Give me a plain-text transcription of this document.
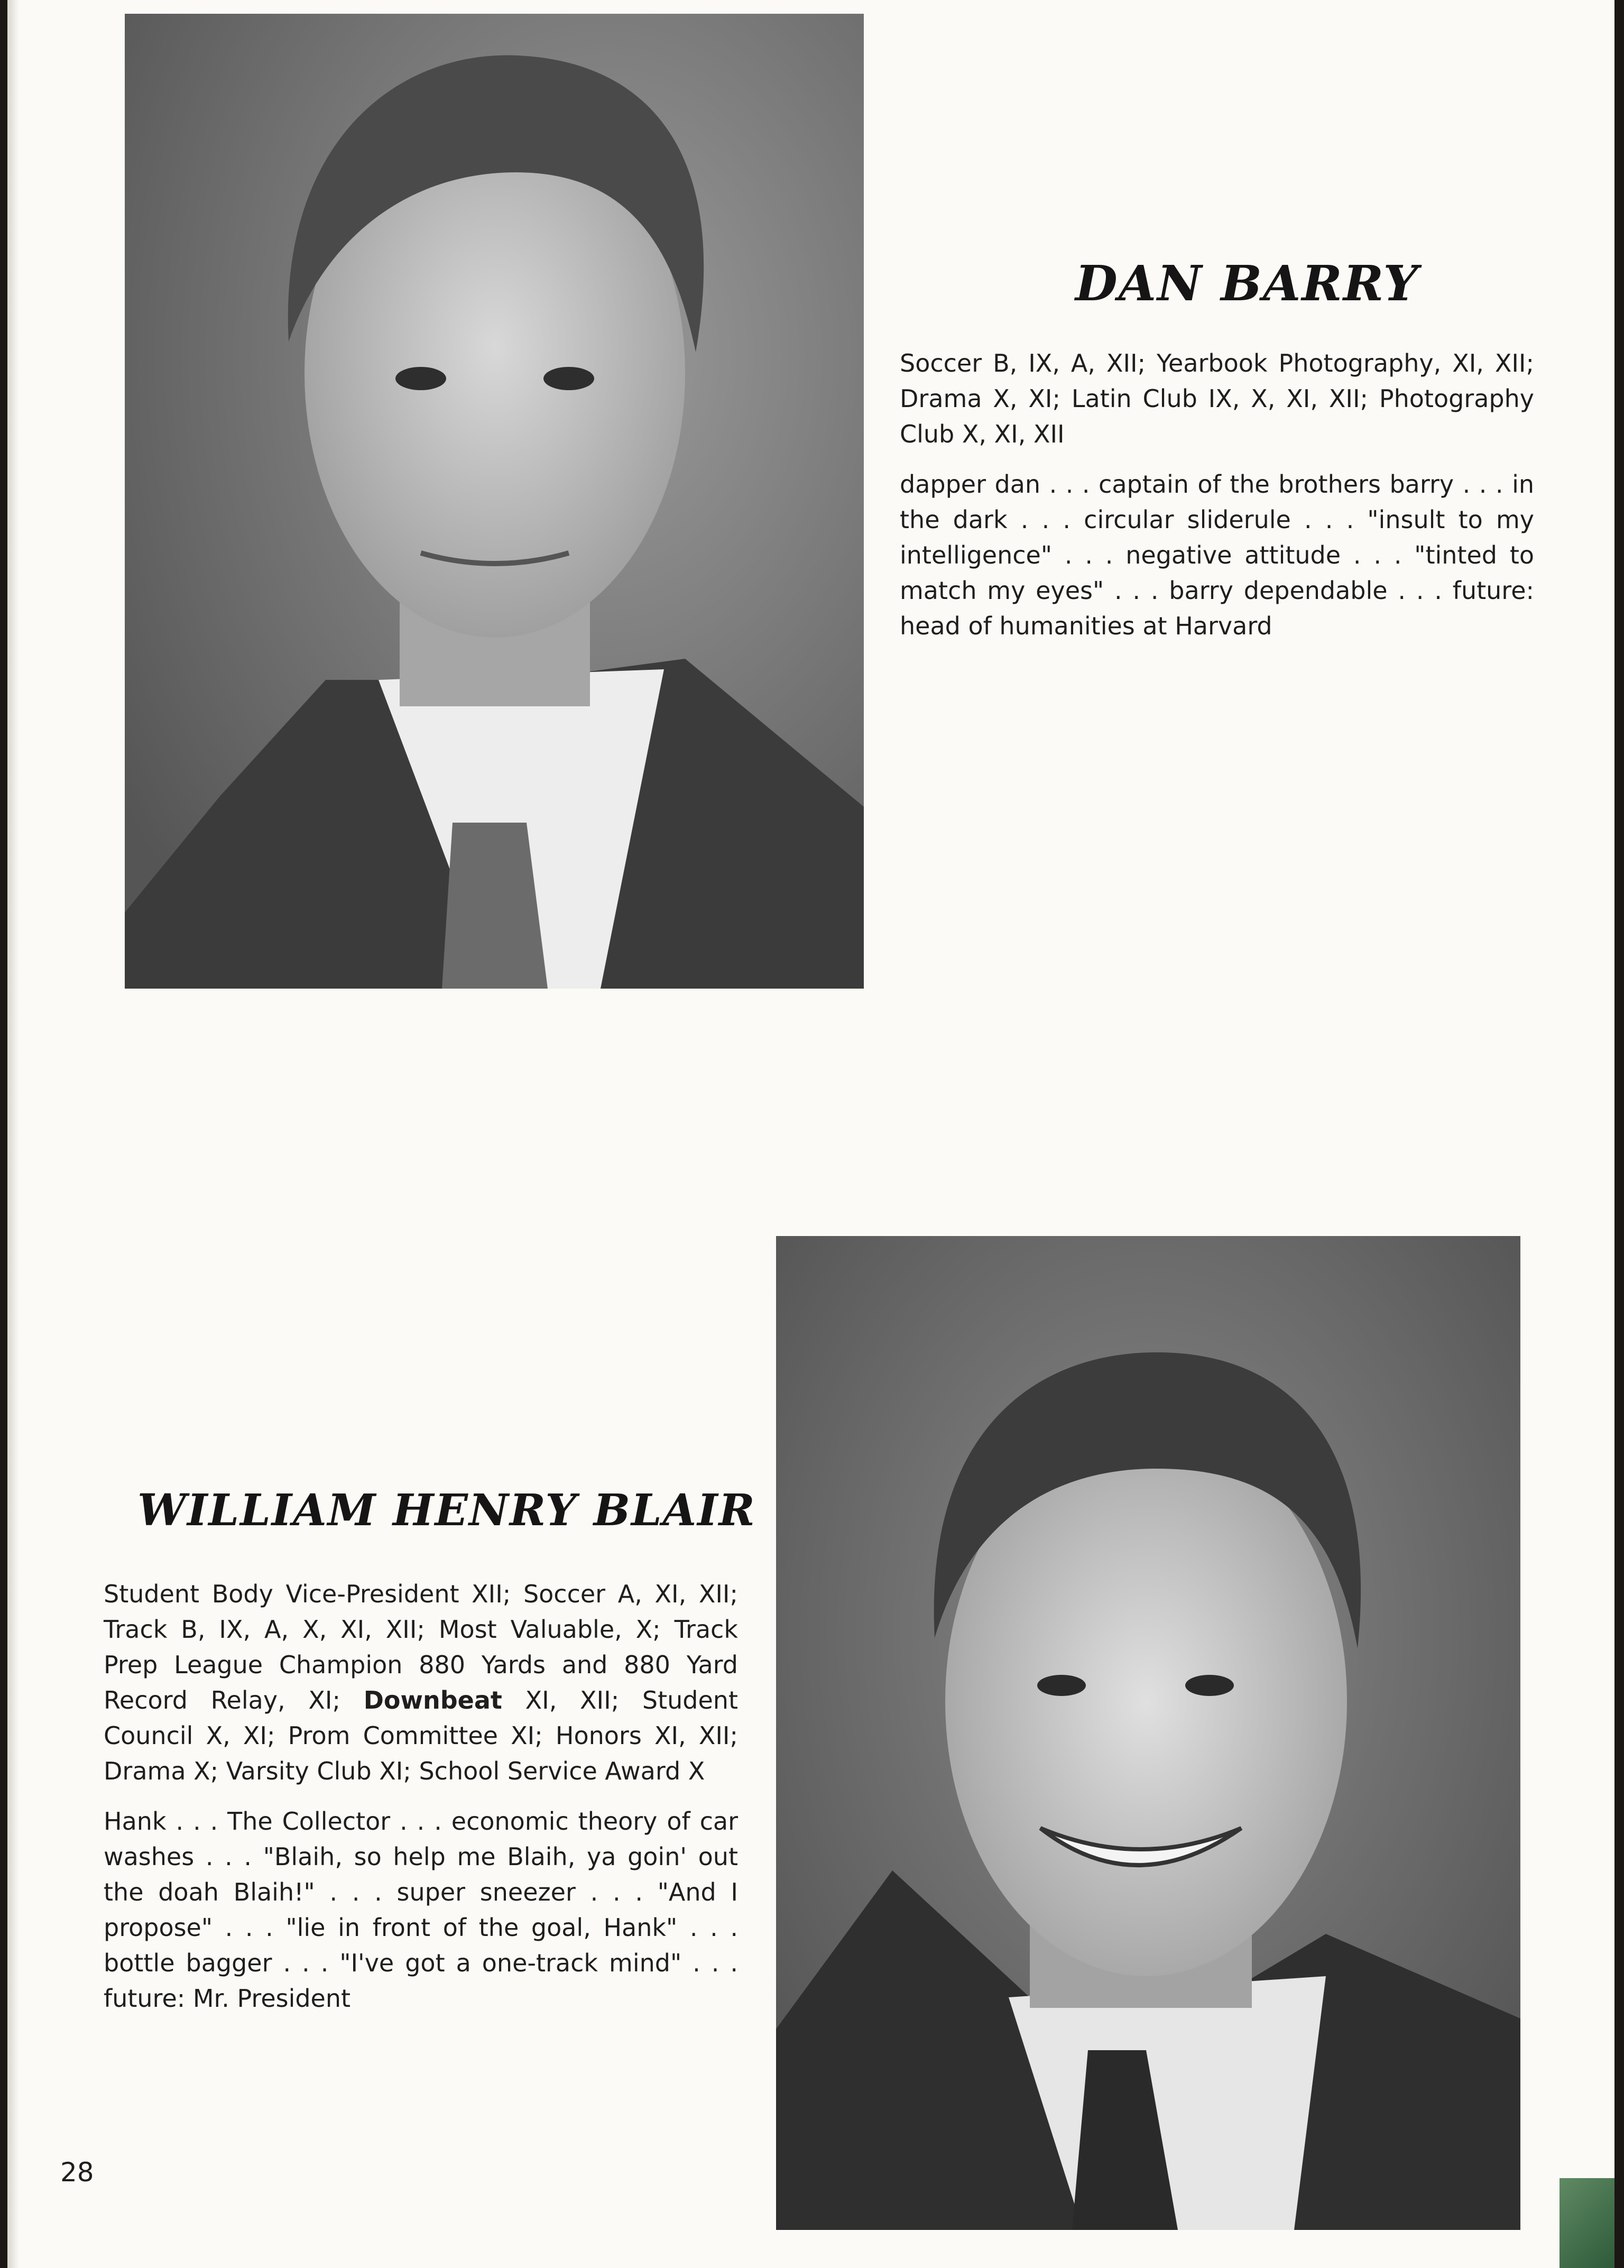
DAN BARRY

Soccer B, IX, A, XII; Yearbook Photography, XI, XII; Drama X, XI; Latin Club IX, X, XI, XII; Photography Club X, XI, XII

dapper dan . . . captain of the brothers barry . . . in the dark . . . circular sliderule . . . "insult to my intelligence" . . . negative attitude . . . "tinted to match my eyes" . . . barry dependable . . . future: head of humanities at Harvard

WILLIAM HENRY BLAIR

Student Body Vice-President XII; Soccer A, XI, XII; Track B, IX, A, X, XI, XII; Most Valuable, X; Track Prep League Champion 880 Yards and 880 Yard Record Relay, XI; Downbeat XI, XII; Student Council X, XI; Prom Committee XI; Honors XI, XII; Drama X; Varsity Club XI; School Service Award X

Hank . . . The Collector . . . economic theory of car washes . . . "Blaih, so help me Blaih, ya goin' out the doah Blaih!" . . . super sneezer . . . "And I propose" . . . "lie in front of the goal, Hank" . . . bottle bagger . . . "I've got a one-track mind" . . . future: Mr. President

28
